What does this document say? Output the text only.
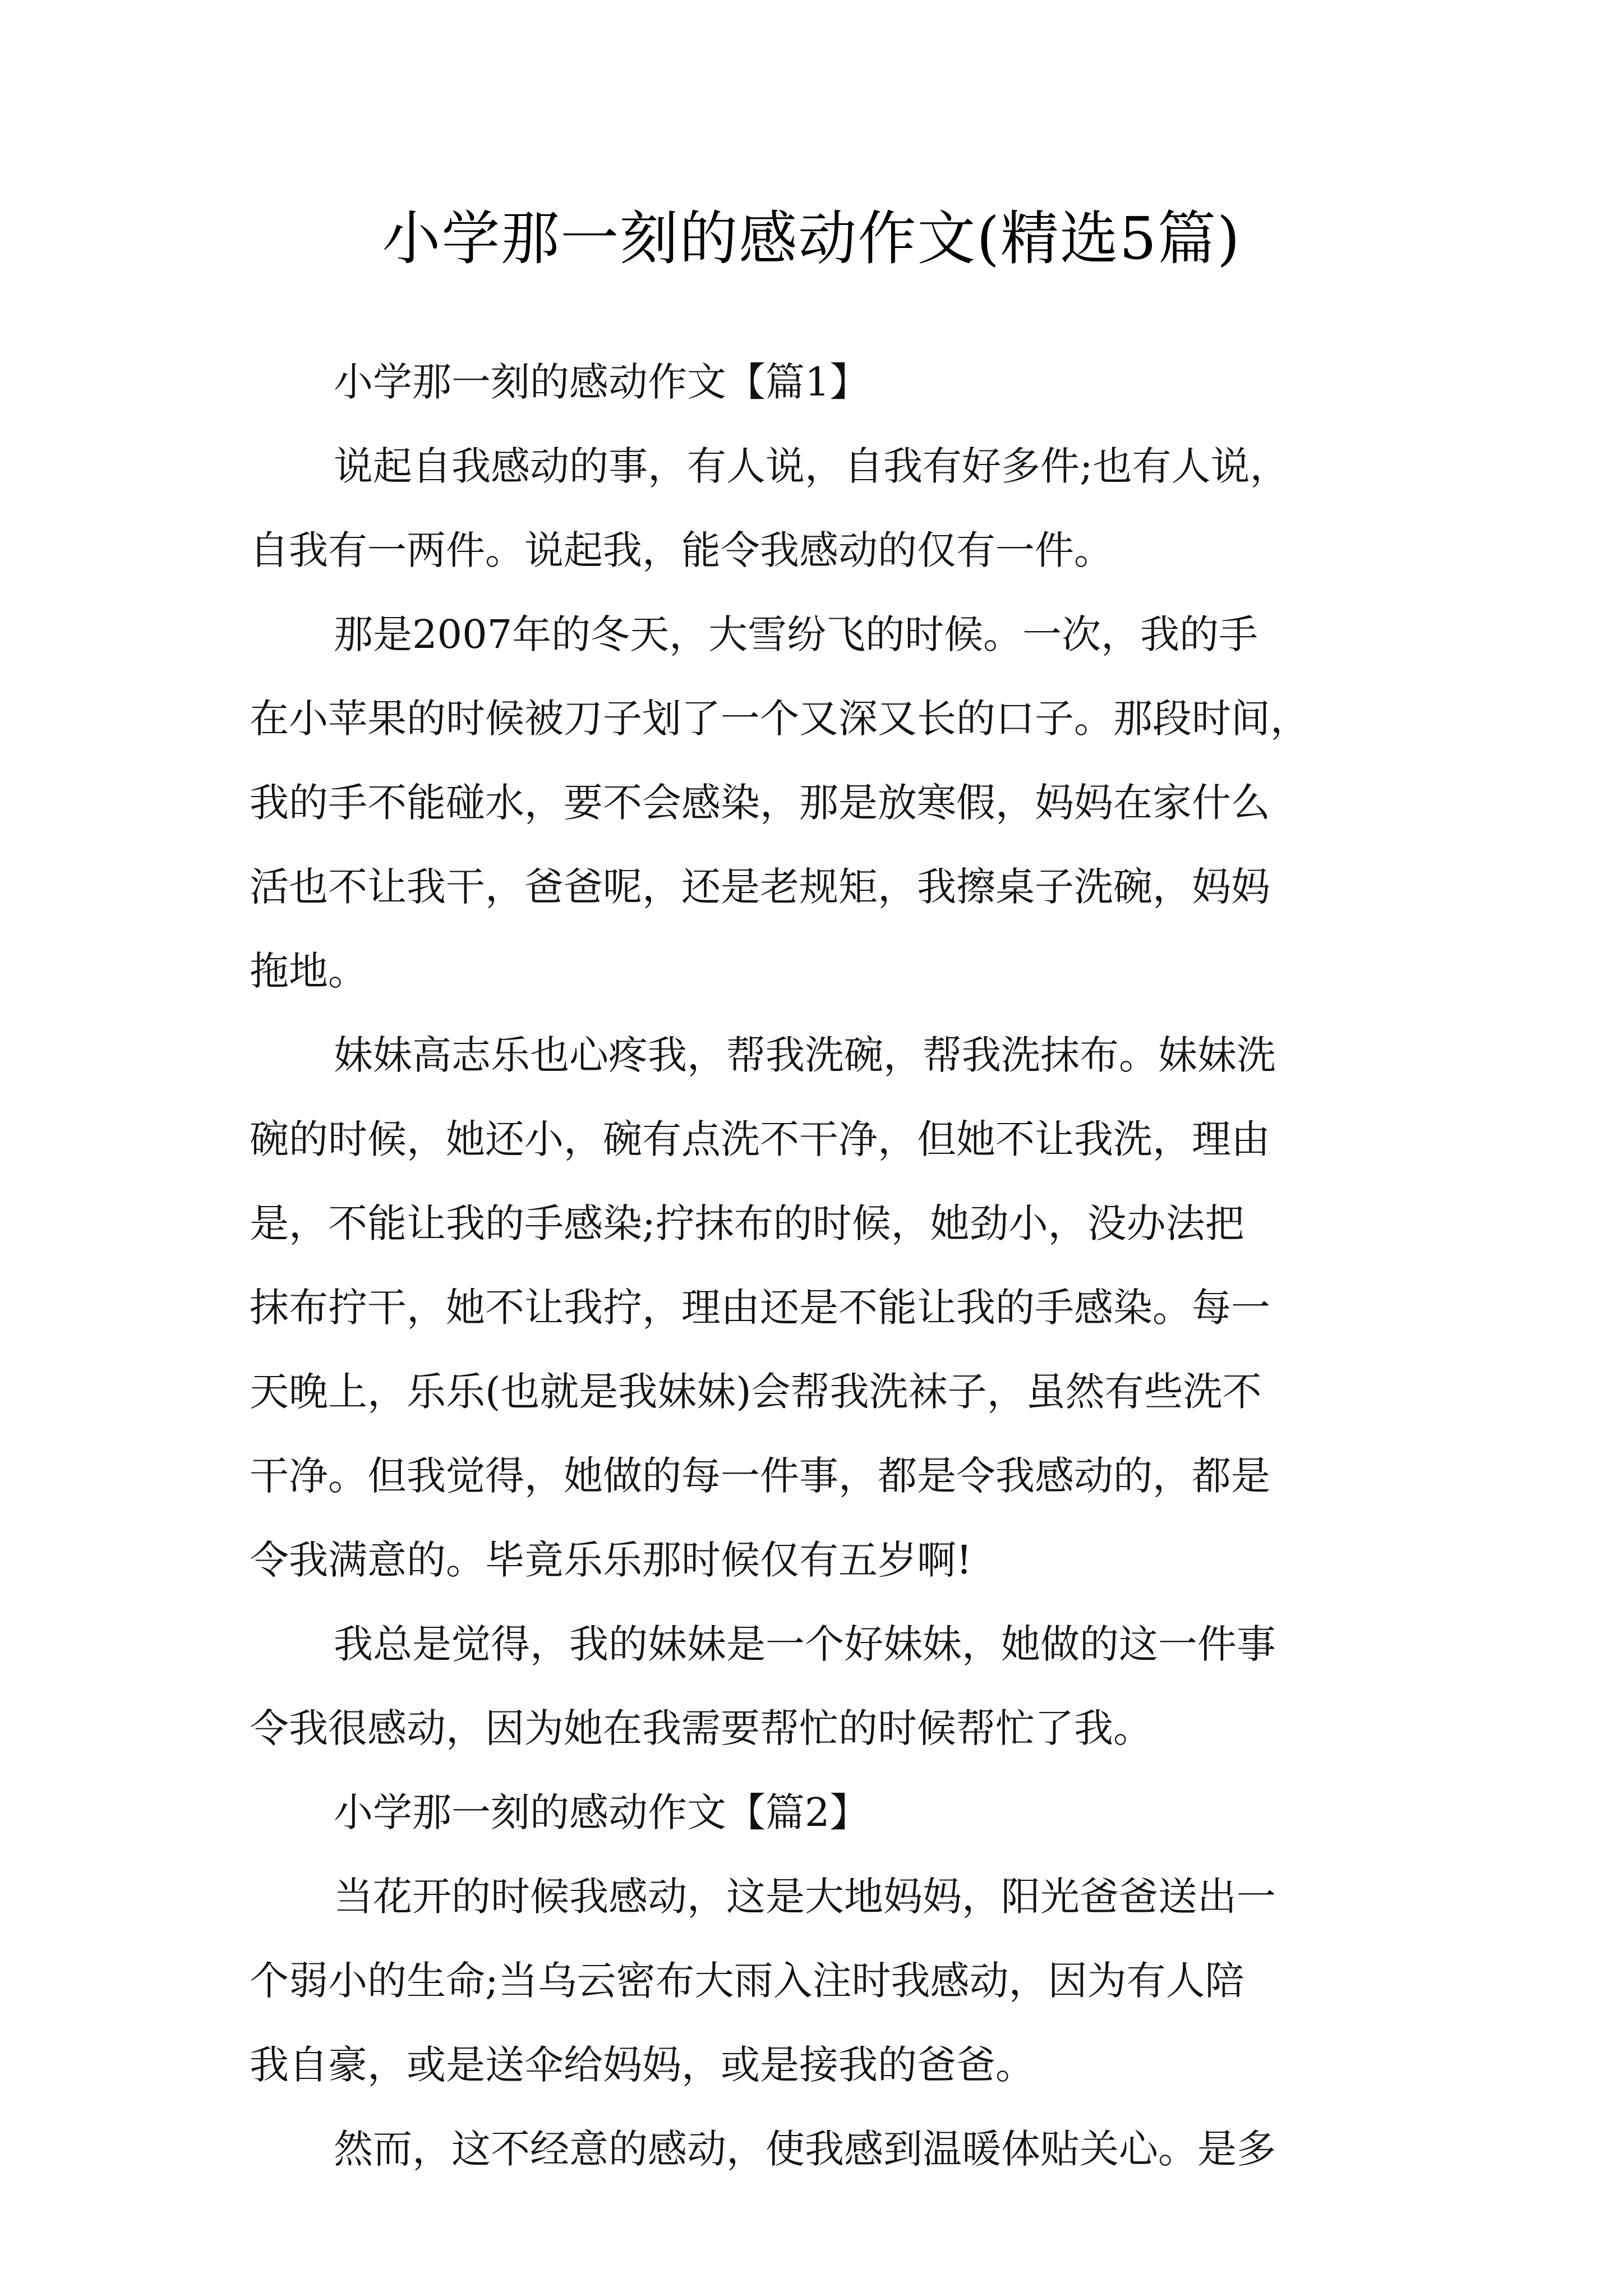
小学那一刻的感动作文(精选5篇)
小学那一刻的感动作文【篇1】
说起自我感动的事，有人说，自我有好多件;也有人说，
自我有一两件。说起我，能令我感动的仅有一件。
那是2007年的冬天，大雪纷飞的时候。一次，我的手
在小苹果的时候被刀子划了一个又深又长的口子。那段时间，
我的手不能碰水，要不会感染，那是放寒假，妈妈在家什么
活也不让我干，爸爸呢，还是老规矩，我擦桌子洗碗，妈妈
拖地。
妹妹高志乐也心疼我，帮我洗碗，帮我洗抹布。妹妹洗
碗的时候，她还小，碗有点洗不干净，但她不让我洗，理由
是，不能让我的手感染;拧抹布的时候，她劲小，没办法把
抹布拧干，她不让我拧，理由还是不能让我的手感染。每一
天晚上，乐乐(也就是我妹妹)会帮我洗袜子，虽然有些洗不
干净。但我觉得，她做的每一件事，都是令我感动的，都是
令我满意的。毕竟乐乐那时候仅有五岁啊!
我总是觉得，我的妹妹是一个好妹妹，她做的这一件事
令我很感动，因为她在我需要帮忙的时候帮忙了我。
小学那一刻的感动作文【篇2】
当花开的时候我感动，这是大地妈妈，阳光爸爸送出一
个弱小的生命;当乌云密布大雨入注时我感动，因为有人陪
我自豪，或是送伞给妈妈，或是接我的爸爸。
然而，这不经意的感动，使我感到温暖体贴关心。是多
